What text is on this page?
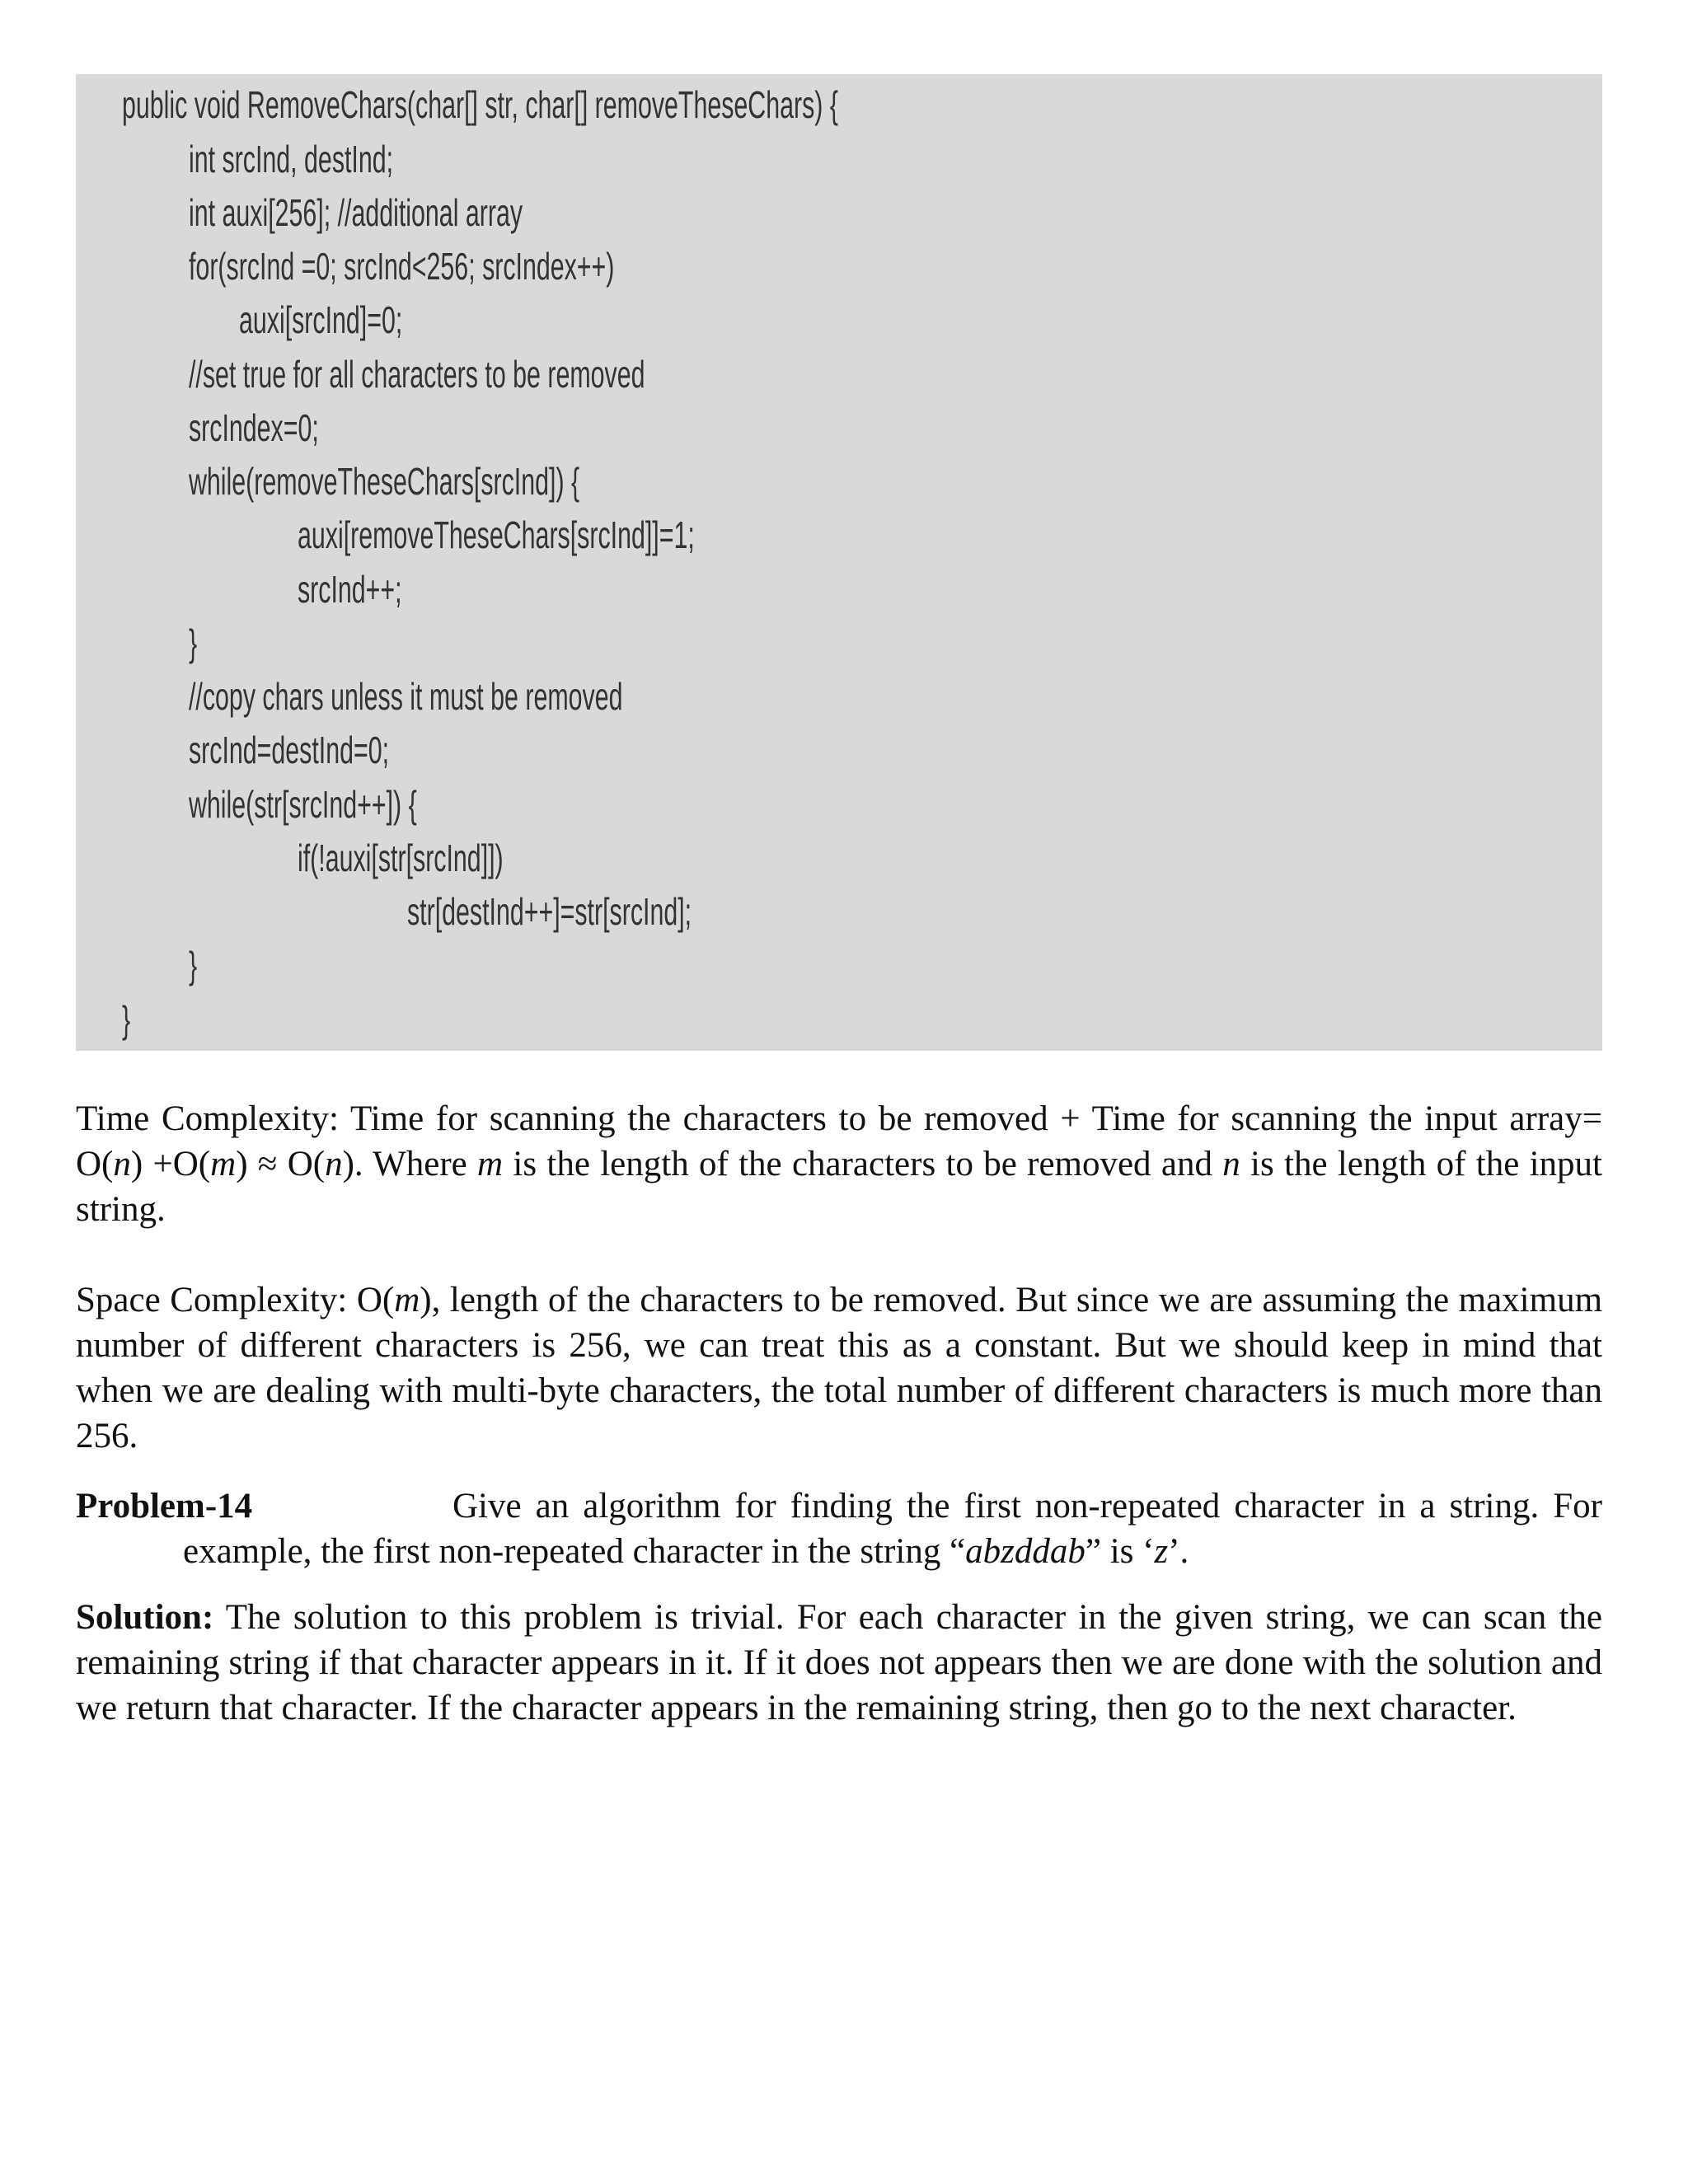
public void RemoveChars(char[] str, char[] removeTheseChars) {
int srcInd, destInd;
int auxi[256]; //additional array
for(srcInd =0; srcInd<256; srcIndex++)
auxi[srcInd]=0;
//set true for all characters to be removed
srcIndex=0;
while(removeTheseChars[srcInd]) {
auxi[removeTheseChars[srcInd]]=1;
srcInd++;
}
//copy chars unless it must be removed
srcInd=destInd=0;
while(str[srcInd++]) {
if(!auxi[str[srcInd]])
str[destInd++]=str[srcInd];
}
}

Time Complexity: Time for scanning the characters to be removed + Time for scanning the input array= O(n) +O(m) ≈ O(n). Where m is the length of the characters to be removed and n is the length of the input string.

Space Complexity: O(m), length of the characters to be removed. But since we are assuming the maximum number of different characters is 256, we can treat this as a constant. But we should keep in mind that when we are dealing with multi-byte characters, the total number of different characters is much more than 256.

Problem-14	Give an algorithm for finding the first non-repeated character in a string. For example, the first non-repeated character in the string “abzddab” is ‘z’.

Solution: The solution to this problem is trivial. For each character in the given string, we can scan the remaining string if that character appears in it. If it does not appears then we are done with the solution and we return that character. If the character appears in the remaining string, then go to the next character.
